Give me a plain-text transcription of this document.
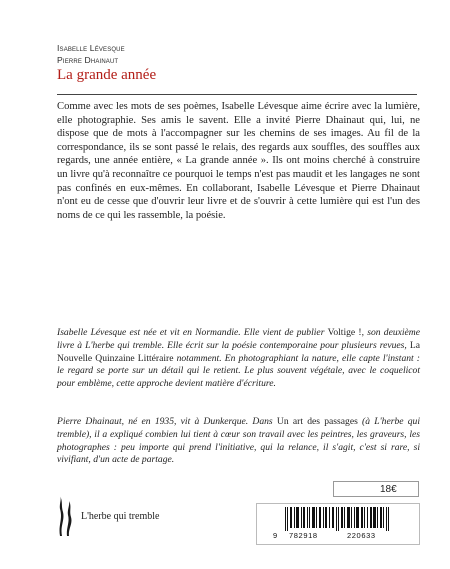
Isabelle Lévesque
Pierre Dhainaut
La grande année
Comme avec les mots de ses poèmes, Isabelle Lévesque aime écrire avec la lumière, elle photographie. Ses amis le savent. Elle a invité Pierre Dhainaut qui, lui, ne dispose que de mots à l'accompagner sur les chemins de ses images. Au fil de la correspondance, ils se sont passé le relais, des regards aux souffles, des souffles aux regards, une année entière, « La grande année ». Ils ont moins cherché à construire un livre qu'à reconnaître ce pourquoi le temps n'est pas maudit et les langages ne sont pas confinés en eux-mêmes. En collaborant, Isabelle Lévesque et Pierre Dhainaut n'ont eu de cesse que d'ouvrir leur livre et de s'ouvrir à cette lumière qui est l'un des noms de ce qui les rassemble, la poésie.
Isabelle Lévesque est née et vit en Normandie. Elle vient de publier Voltige !, son deuxième livre à L'herbe qui tremble. Elle écrit sur la poésie contemporaine pour plusieurs revues, La Nouvelle Quinzaine Littéraire notamment. En photographiant la nature, elle capte l'instant : le regard se porte sur un détail qui le retient. Le plus souvent végétale, avec le coquelicot pour emblème, cette approche devient matière d'écriture.
Pierre Dhainaut, né en 1935, vit à Dunkerque. Dans Un art des passages (à L'herbe qui tremble), il a expliqué combien lui tient à cœur son travail avec les peintres, les graveurs, les photographes : peu importe qui prend l'initiative, qui la relance, il s'agit, c'est si rare, si vivifiant, d'un acte de partage.
18€
9 782918	220633
L'herbe qui tremble
